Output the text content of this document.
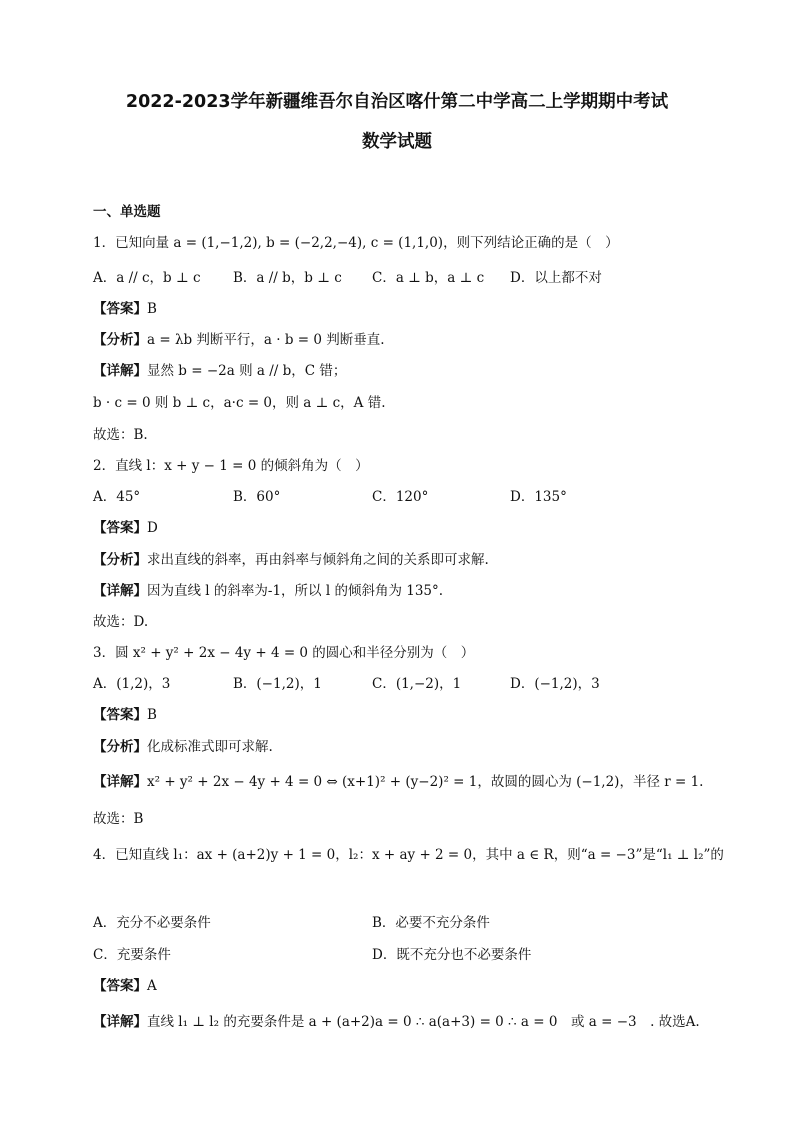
2022-2023学年新疆维吾尔自治区喀什第二中学高二上学期期中考试
数学试题
一、单选题
1．已知向量 a = (1,−1,2), b = (−2,2,−4), c = (1,1,0)，则下列结论正确的是（　）
A．a // c，b ⊥ c B．a // b，b ⊥ c C．a ⊥ b，a ⊥ c D．以上都不对
【答案】B
【分析】a = λb 判断平行，a · b = 0 判断垂直.
【详解】显然 b = −2a 则 a // b，C 错；
b · c = 0 则 b ⊥ c，a·c = 0，则 a ⊥ c，A 错.
故选：B.
2．直线 l：x + y − 1 = 0 的倾斜角为（　）
A．45°	B．60°	C．120°	D．135°
【答案】D
【分析】求出直线的斜率，再由斜率与倾斜角之间的关系即可求解.
【详解】因为直线 l 的斜率为-1，所以 l 的倾斜角为 135°.
故选：D.
3．圆 x² + y² + 2x − 4y + 4 = 0 的圆心和半径分别为（　）
A．(1,2)，3	B．(−1,2)，1	C．(1,−2)，1	D．(−1,2)，3
【答案】B
【分析】化成标准式即可求解.
【详解】x² + y² + 2x − 4y + 4 = 0 ⇔ (x+1)² + (y−2)² = 1，故圆的圆心为 (−1,2)，半径 r = 1.
故选：B
4．已知直线 l₁：ax + (a+2)y + 1 = 0，l₂：x + ay + 2 = 0，其中 a ∈ R，则“a = −3”是“l₁ ⊥ l₂”的
A．充分不必要条件	B．必要不充分条件
C．充要条件	D．既不充分也不必要条件
【答案】A
【详解】直线 l₁ ⊥ l₂ 的充要条件是 a + (a+2)a = 0 ∴ a(a+3) = 0 ∴ a = 0　或 a = −3　. 故选A.
